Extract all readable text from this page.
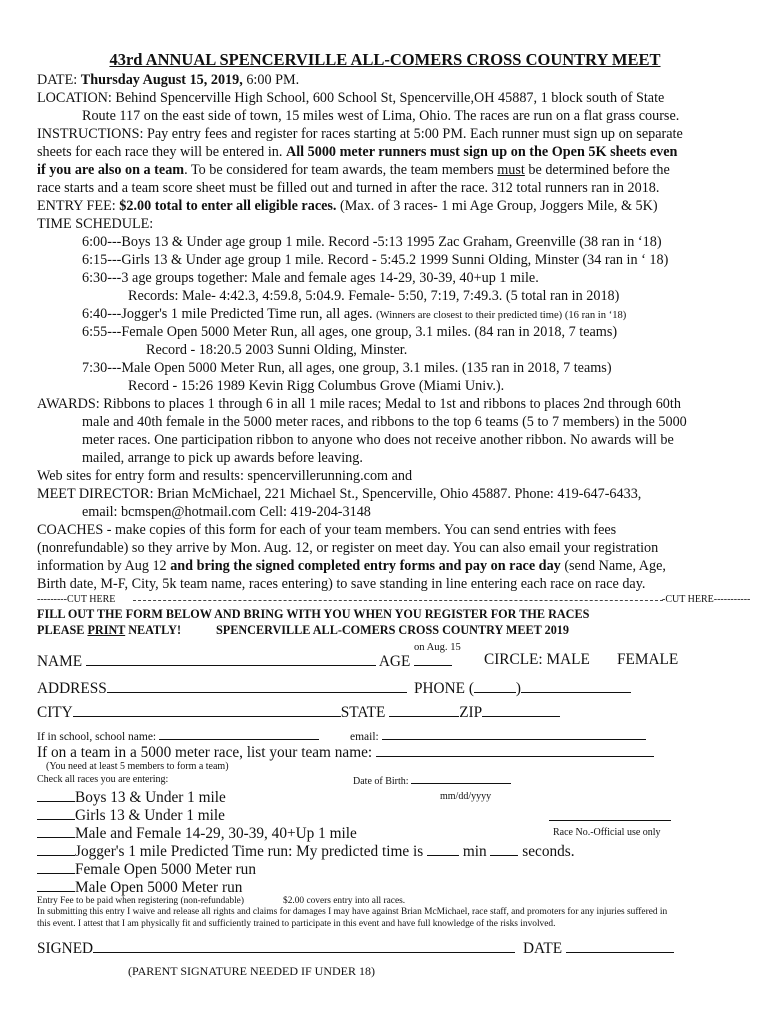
43rd ANNUAL SPENCERVILLE ALL-COMERS CROSS COUNTRY MEET
DATE: Thursday August 15, 2019, 6:00 PM.
LOCATION: Behind Spencerville High School, 600 School St, Spencerville,OH 45887, 1 block south of State
Route 117 on the east side of town, 15 miles west of Lima, Ohio. The races are run on a flat grass course.
INSTRUCTIONS: Pay entry fees and register for races starting at 5:00 PM. Each runner must sign up on separate
sheets for each race they will be entered in. All 5000 meter runners must sign up on the Open 5K sheets even
if you are also on a team. To be considered for team awards, the team members must be determined before the
race starts and a team score sheet must be filled out and turned in after the race. 312 total runners ran in 2018.
ENTRY FEE: $2.00 total to enter all eligible races. (Max. of 3 races- 1 mi Age Group, Joggers Mile, & 5K)
TIME SCHEDULE:
6:00---Boys 13 & Under age group 1 mile. Record -5:13 1995 Zac Graham, Greenville (38 ran in ‘18)
6:15---Girls 13 & Under age group 1 mile. Record - 5:45.2 1999 Sunni Olding, Minster (34 ran in ‘ 18)
6:30---3 age groups together: Male and female ages 14-29, 30-39, 40+up 1 mile.
Records: Male- 4:42.3, 4:59.8, 5:04.9. Female- 5:50, 7:19, 7:49.3. (5 total ran in 2018)
6:40---Jogger's 1 mile Predicted Time run, all ages. (Winners are closest to their predicted time) (16 ran in ‘18)
6:55---Female Open 5000 Meter Run, all ages, one group, 3.1 miles. (84 ran in 2018, 7 teams)
Record - 18:20.5 2003 Sunni Olding, Minster.
7:30---Male Open 5000 Meter Run, all ages, one group, 3.1 miles. (135 ran in 2018, 7 teams)
Record - 15:26 1989 Kevin Rigg Columbus Grove (Miami Univ.).
AWARDS: Ribbons to places 1 through 6 in all 1 mile races; Medal to 1st and ribbons to places 2nd through 60th
male and 40th female in the 5000 meter races, and ribbons to the top 6 teams (5 to 7 members) in the 5000
meter races. One participation ribbon to anyone who does not receive another ribbon. No awards will be
mailed, arrange to pick up awards before leaving.
Web sites for entry form and results: spencervillerunning.com and
MEET DIRECTOR: Brian McMichael, 221 Michael St., Spencerville, Ohio 45887. Phone: 419-647-6433,
email: bcmspen@hotmail.com Cell: 419-204-3148
COACHES - make copies of this form for each of your team members. You can send entries with fees
(nonrefundable) so they arrive by Mon. Aug. 12, or register on meet day. You can also email your registration
information by Aug 12 and bring the signed completed entry forms and pay on race day (send Name, Age,
Birth date, M-F, City, 5k team name, races entering) to save standing in line entering each race on race day.
---------CUT HERE	-CUT HERE-----------
FILL OUT THE FORM BELOW AND BRING WITH YOU WHEN YOU REGISTER FOR THE RACES
PLEASE PRINT NEATLY!	SPENCERVILLE ALL-COMERS CROSS COUNTRY MEET 2019
on Aug. 15
NAME	AGE	CIRCLE: MALE FEMALE
ADDRESS	PHONE (	)
CITY	STATE	ZIP
If in school, school name:	email:
If on a team in a 5000 meter race, list your team name:
(You need at least 5 members to form a team)
Check all races you are entering:	Date of Birth:
mm/dd/yyyy
Boys 13 & Under 1 mile
Girls 13 & Under 1 mile
Male and Female 14-29, 30-39, 40+Up 1 mile	Race No.-Official use only
Jogger's 1 mile Predicted Time run: My predicted time is	min seconds.
Female Open 5000 Meter run
Male Open 5000 Meter run
Entry Fee to be paid when registering (non-refundable)	$2.00 covers entry into all races.
In submitting this entry I waive and release all rights and claims for damages I may have against Brian McMichael, race staff, and promoters for any injuries suffered in
this event. I attest that I am physically fit and sufficiently trained to participate in this event and have full knowledge of the risks involved.
SIGNED	DATE
(PARENT SIGNATURE NEEDED IF UNDER 18)
